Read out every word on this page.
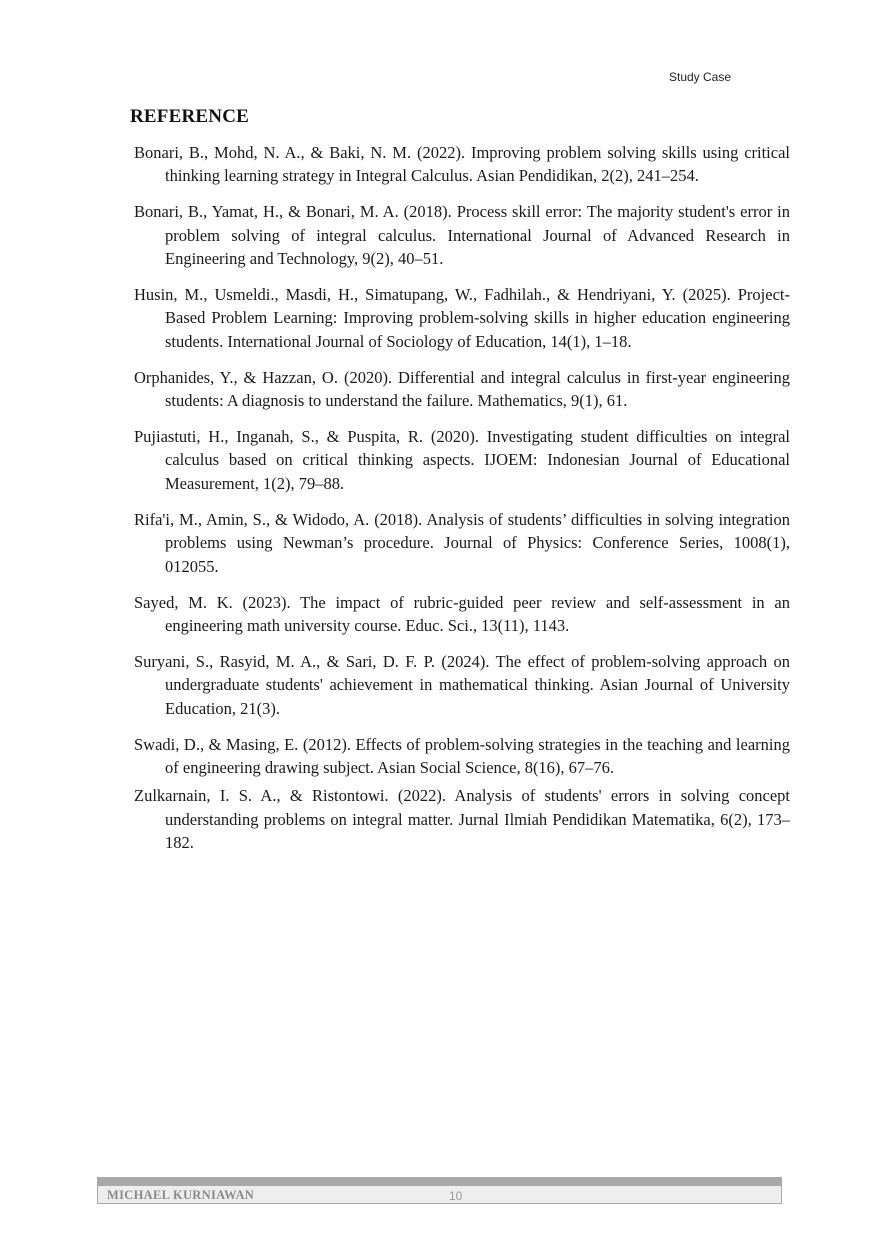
Study Case
REFERENCE
Bonari, B., Mohd, N. A., & Baki, N. M. (2022). Improving problem solving skills using critical thinking learning strategy in Integral Calculus. Asian Pendidikan, 2(2), 241–254.
Bonari, B., Yamat, H., & Bonari, M. A. (2018). Process skill error: The majority student's error in problem solving of integral calculus. International Journal of Advanced Research in Engineering and Technology, 9(2), 40–51.
Husin, M., Usmeldi., Masdi, H., Simatupang, W., Fadhilah., & Hendriyani, Y. (2025). Project-Based Problem Learning: Improving problem-solving skills in higher education engineering students. International Journal of Sociology of Education, 14(1), 1–18.
Orphanides, Y., & Hazzan, O. (2020). Differential and integral calculus in first-year engineering students: A diagnosis to understand the failure. Mathematics, 9(1), 61.
Pujiastuti, H., Inganah, S., & Puspita, R. (2020). Investigating student difficulties on integral calculus based on critical thinking aspects. IJOEM: Indonesian Journal of Educational Measurement, 1(2), 79–88.
Rifa'i, M., Amin, S., & Widodo, A. (2018). Analysis of students’ difficulties in solving integration problems using Newman’s procedure. Journal of Physics: Conference Series, 1008(1), 012055.
Sayed, M. K. (2023). The impact of rubric-guided peer review and self-assessment in an engineering math university course. Educ. Sci., 13(11), 1143.
Suryani, S., Rasyid, M. A., & Sari, D. F. P. (2024). The effect of problem-solving approach on undergraduate students' achievement in mathematical thinking. Asian Journal of University Education, 21(3).
Swadi, D., & Masing, E. (2012). Effects of problem-solving strategies in the teaching and learning of engineering drawing subject. Asian Social Science, 8(16), 67–76.
Zulkarnain, I. S. A., & Ristontowi. (2022). Analysis of students' errors in solving concept understanding problems on integral matter. Jurnal Ilmiah Pendidikan Matematika, 6(2), 173–182.
MICHAEL KURNIAWAN	10
